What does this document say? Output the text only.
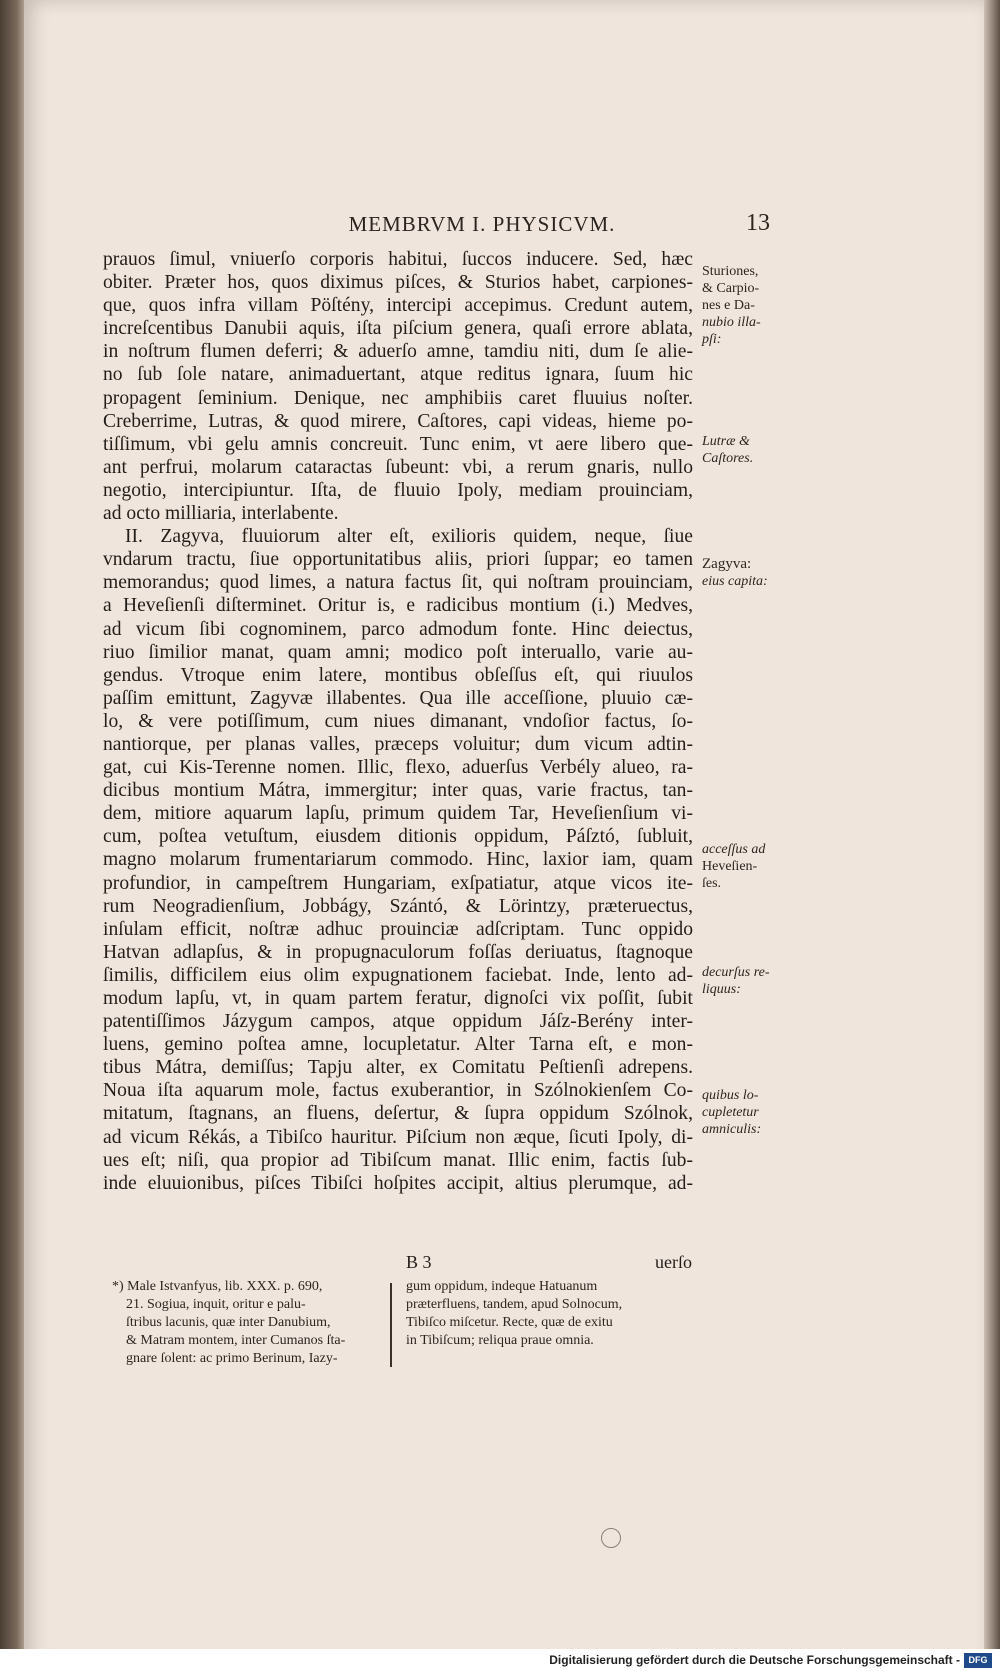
MEMBRVM I. PHYSICVM.	13
prauos ſimul, vniuerſo corporis habitui, ſuccos inducere. Sed, hæc
obiter. Præter hos, quos diximus piſces, & Sturios habet, carpiones-
que, quos infra villam Pöſtény, intercipi accepimus. Credunt autem,
increſcentibus Danubii aquis, iſta piſcium genera, quaſi errore ablata,
in noſtrum flumen deferri; & aduerſo amne, tamdiu niti, dum ſe alie-
no ſub ſole natare, animaduertant, atque reditus ignara, ſuum hic
propagent ſeminium. Denique, nec amphibiis caret fluuius noſter.
Creberrime, Lutras, & quod mirere, Caſtores, capi videas, hieme po-
tiſſimum, vbi gelu amnis concreuit. Tunc enim, vt aere libero que-
ant perfrui, molarum cataractas ſubeunt: vbi, a rerum gnaris, nullo
negotio, intercipiuntur. Iſta, de fluuio Ipoly, mediam prouinciam,
ad octo milliaria, interlabente.
II. Zagyva, fluuiorum alter eſt, exilioris quidem, neque, ſiue
vndarum tractu, ſiue opportunitatibus aliis, priori ſuppar; eo tamen
memorandus; quod limes, a natura factus ſit, qui noſtram prouinciam,
a Heveſienſi diſterminet. Oritur is, e radicibus montium (i.) Medves,
ad vicum ſibi cognominem, parco admodum fonte. Hinc deiectus,
riuo ſimilior manat, quam amni; modico poſt interuallo, varie au-
gendus. Vtroque enim latere, montibus obſeſſus eſt, qui riuulos
paſſim emittunt, Zagyvæ illabentes. Qua ille acceſſione, pluuio cæ-
lo, & vere potiſſimum, cum niues dimanant, vndoſior factus, ſo-
nantiorque, per planas valles, præceps voluitur; dum vicum adtin-
gat, cui Kis-Terenne nomen. Illic, flexo, aduerſus Verbély alueo, ra-
dicibus montium Mátra, immergitur; inter quas, varie fractus, tan-
dem, mitiore aquarum lapſu, primum quidem Tar, Heveſienſium vi-
cum, poſtea vetuſtum, eiusdem ditionis oppidum, Páſztó, ſubluit,
magno molarum frumentariarum commodo. Hinc, laxior iam, quam
profundior, in campeſtrem Hungariam, exſpatiatur, atque vicos ite-
rum Neogradienſium, Jobbágy, Szántó, & Lörintzy, præteruectus,
inſulam efficit, noſtræ adhuc prouinciæ adſcriptam. Tunc oppido
Hatvan adlapſus, & in propugnaculorum foſſas deriuatus, ſtagnoque
ſimilis, difficilem eius olim expugnationem faciebat. Inde, lento ad-
modum lapſu, vt, in quam partem feratur, dignoſci vix poſſit, ſubit
patentiſſimos Jázygum campos, atque oppidum Jáſz-Berény inter-
luens, gemino poſtea amne, locupletatur. Alter Tarna eſt, e mon-
tibus Mátra, demiſſus; Tapju alter, ex Comitatu Peſtienſi adrepens.
Noua iſta aquarum mole, factus exuberantior, in Szólnokienſem Co-
mitatum, ſtagnans, an fluens, deſertur, & ſupra oppidum Szólnok,
ad vicum Rékás, a Tibiſco hauritur. Piſcium non æque, ſicuti Ipoly, di-
ues eſt; niſi, qua propior ad Tibiſcum manat. Illic enim, factis ſub-
inde eluuionibus, piſces Tibiſci hoſpites accipit, altius plerumque, ad-
Sturiones,
& Carpio-
nes e Da-
nubio illa-
pſi:
Lutræ &
Caſtores.
Zagyva:
eius capita:
acceſſus ad
Heveſien-
ſes.
decurſus re-
liquus:
quibus lo-
cupletetur
amniculis:
B 3	uerſo
*) Male Istvanfyus, lib. XXX. p. 690,
21. Sogiua, inquit, oritur e palu-
ſtribus lacunis, quæ inter Danubium,
& Matram montem, inter Cumanos ſta-
gnare ſolent: ac primo Berinum, Iazy-
gum oppidum, indeque Hatuanum
præterfluens, tandem, apud Solnocum,
Tibiſco miſcetur. Recte, quæ de exitu
in Tibiſcum; reliqua praue omnia.
Digitalisierung gefördert durch die Deutsche Forschungsgemeinschaft - DFG
